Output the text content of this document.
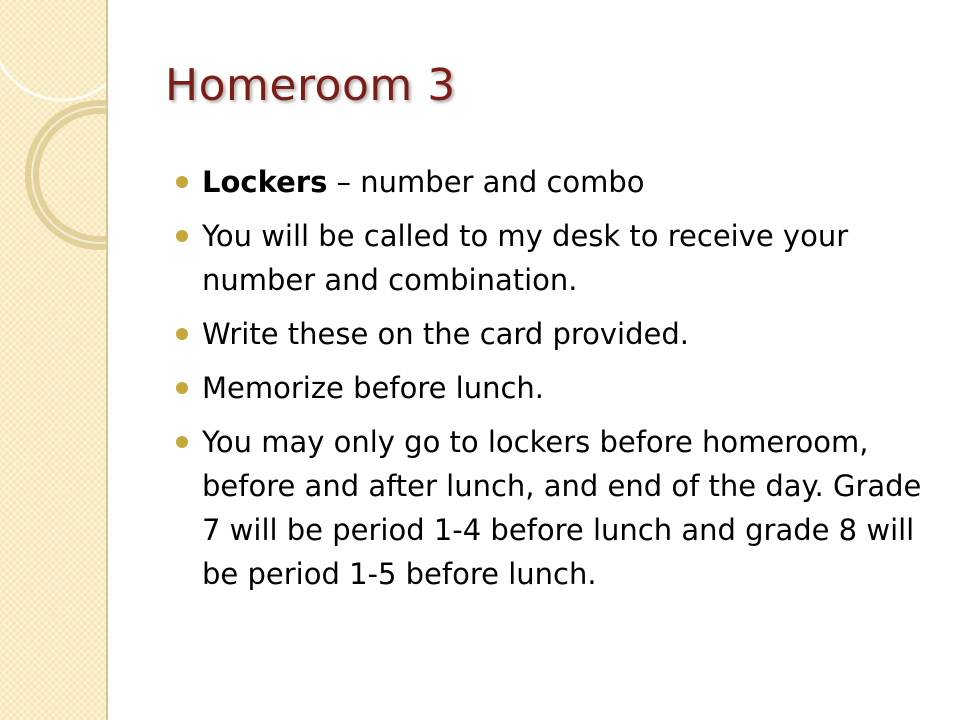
Homeroom 3
Lockers – number and combo
You will be called to my desk to receive your number and combination.
Write these on the card provided.
Memorize before lunch.
You may only go to lockers before homeroom, before and after lunch, and end of the day. Grade 7 will be period 1-4 before lunch and grade 8 will be period 1-5 before lunch.
